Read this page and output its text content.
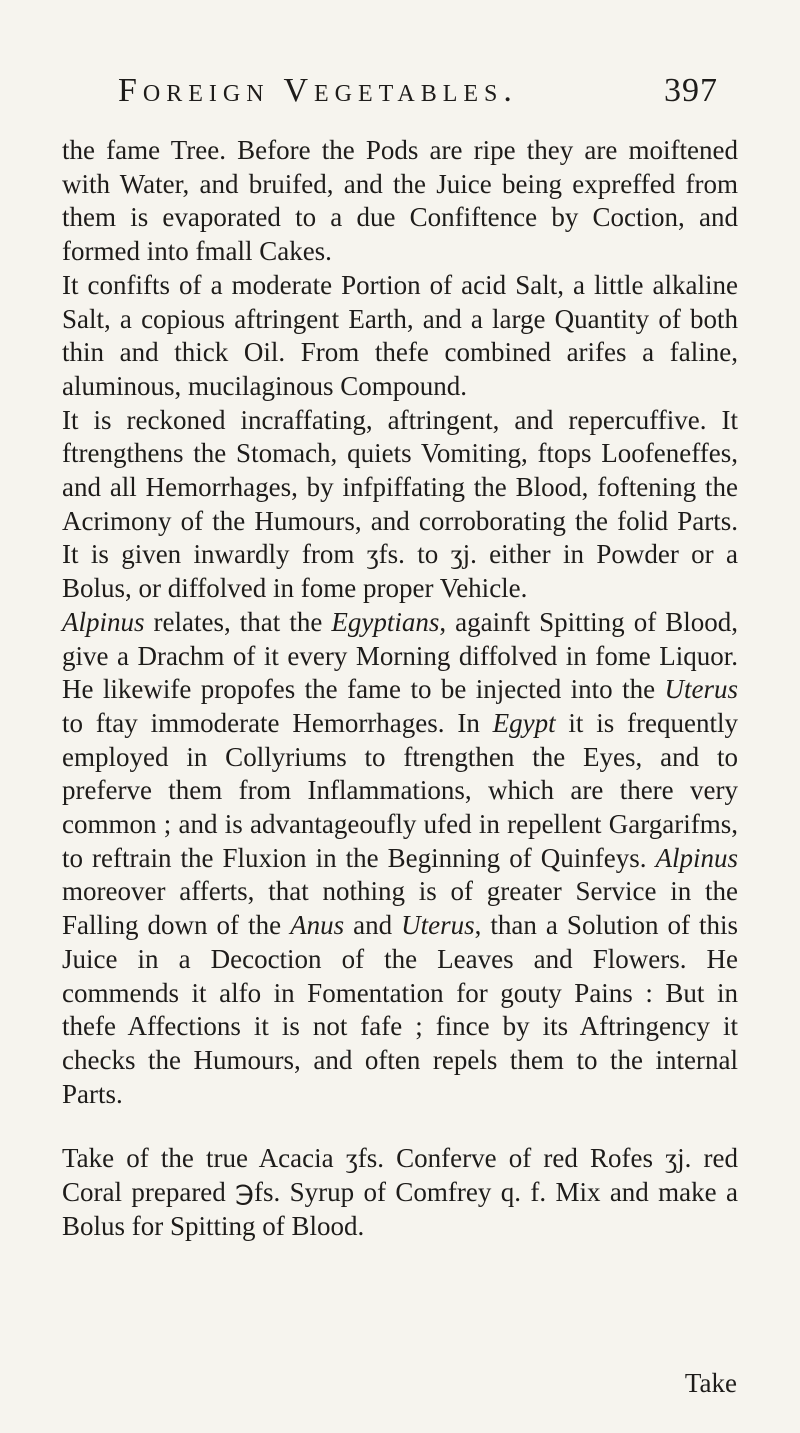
Foreign Vegetables.	397

the fame Tree. Before the Pods are ripe they are moiftened with Water, and bruifed, and the Juice being expreffed from them is evaporated to a due Confiftence by Coction, and formed into fmall Cakes.

It confifts of a moderate Portion of acid Salt, a little alkaline Salt, a copious aftringent Earth, and a large Quantity of both thin and thick Oil. From thefe combined arifes a faline, aluminous, mucilaginous Compound.

It is reckoned incraffating, aftringent, and repercuffive. It ftrengthens the Stomach, quiets Vomiting, ftops Loofeneffes, and all Hemorrhages, by infpiffating the Blood, foftening the Acrimony of the Humours, and corroborating the folid Parts. It is given inwardly from ʒfs. to ʒj. either in Powder or a Bolus, or diffolved in fome proper Vehicle.

Alpinus relates, that the Egyptians, againft Spitting of Blood, give a Drachm of it every Morning diffolved in fome Liquor. He likewife propofes the fame to be injected into the Uterus to ftay immoderate Hemorrhages. In Egypt it is frequently employed in Collyriums to ftrengthen the Eyes, and to preferve them from Inflammations, which are there very common ; and is advantageoufly ufed in repellent Gargarifms, to reftrain the Fluxion in the Beginning of Quinfeys. Alpinus moreover afferts, that nothing is of greater Service in the Falling down of the Anus and Uterus, than a Solution of this Juice in a Decoction of the Leaves and Flowers. He commends it alfo in Fomentation for gouty Pains : But in thefe Affections it is not fafe ; fince by its Aftringency it checks the Humours, and often repels them to the internal Parts.

Take of the true Acacia ʒfs. Conferve of red Rofes ʒj. red Coral prepared ℈fs. Syrup of Comfrey q. f. Mix and make a Bolus for Spitting of Blood.

Take
